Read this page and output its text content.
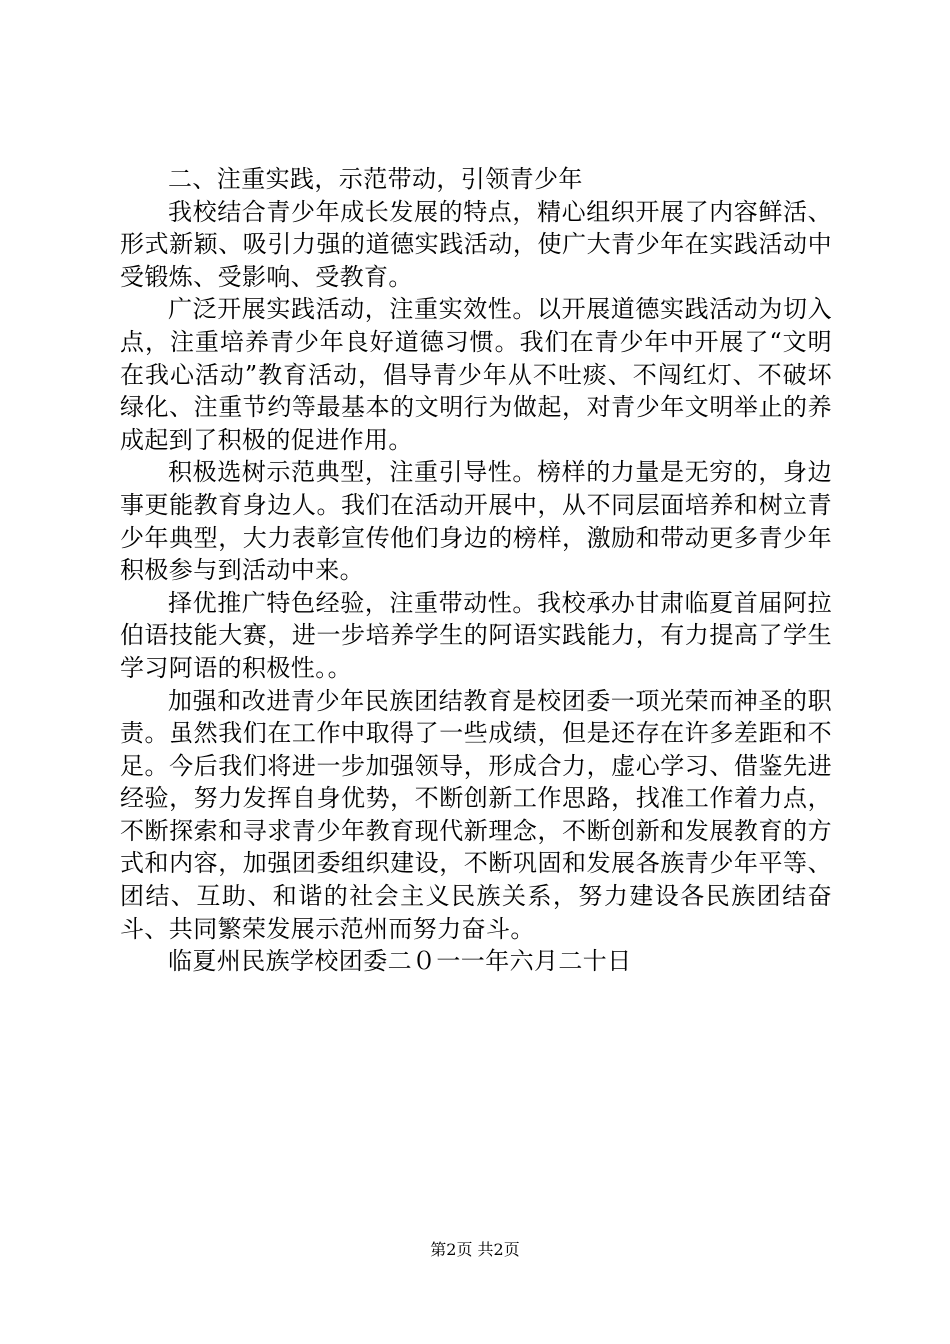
二、注重实践，示范带动，引领青少年

我校结合青少年成长发展的特点，精心组织开展了内容鲜活、形式新颖、吸引力强的道德实践活动，使广大青少年在实践活动中受锻炼、受影响、受教育。

广泛开展实践活动，注重实效性。以开展道德实践活动为切入点，注重培养青少年良好道德习惯。我们在青少年中开展了“文明在我心活动”教育活动，倡导青少年从不吐痰、不闯红灯、不破坏绿化、注重节约等最基本的文明行为做起，对青少年文明举止的养成起到了积极的促进作用。

积极选树示范典型，注重引导性。榜样的力量是无穷的，身边事更能教育身边人。我们在活动开展中，从不同层面培养和树立青少年典型，大力表彰宣传他们身边的榜样，激励和带动更多青少年积极参与到活动中来。

择优推广特色经验，注重带动性。我校承办甘肃临夏首届阿拉伯语技能大赛，进一步培养学生的阿语实践能力，有力提高了学生学习阿语的积极性。。

加强和改进青少年民族团结教育是校团委一项光荣而神圣的职责。虽然我们在工作中取得了一些成绩，但是还存在许多差距和不足。今后我们将进一步加强领导，形成合力，虚心学习、借鉴先进经验，努力发挥自身优势，不断创新工作思路，找准工作着力点，不断探索和寻求青少年教育现代新理念，不断创新和发展教育的方式和内容，加强团委组织建设，不断巩固和发展各族青少年平等、团结、互助、和谐的社会主义民族关系，努力建设各民族团结奋斗、共同繁荣发展示范州而努力奋斗。

临夏州民族学校团委二０一一年六月二十日

第2页 共2页
